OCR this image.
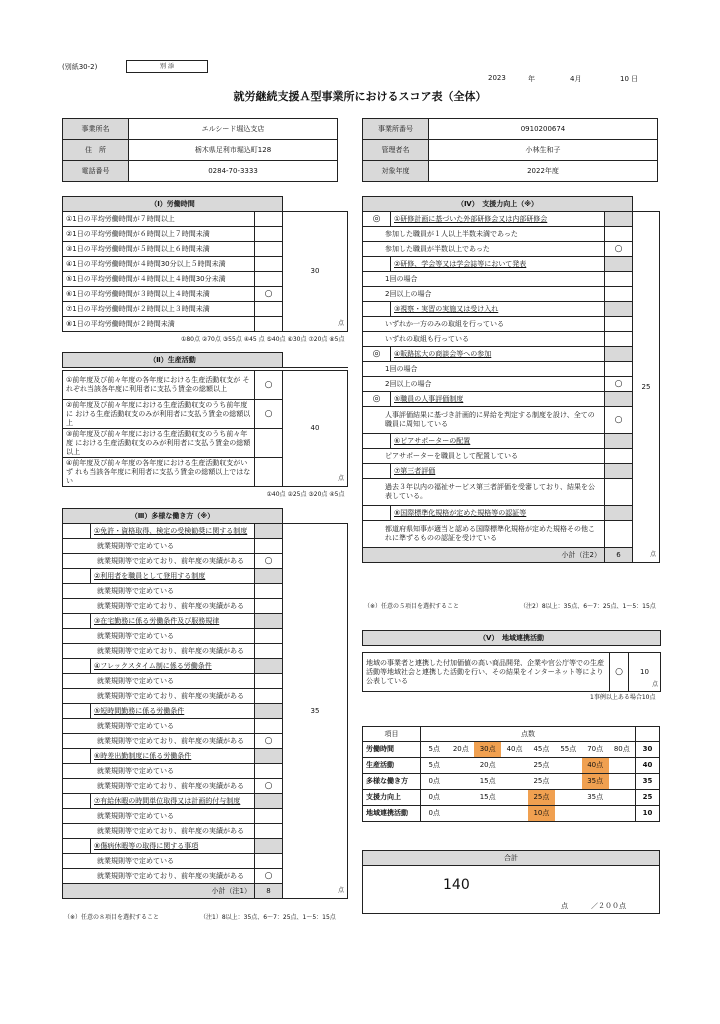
(別紙30-2)	別 添
2023	年	4月	10 日
就労継続支援Ａ型事業所におけるスコア表（全体）
事業所名	エルシード堀込支店
住　所	栃木県足利市堀込町128
電話番号	0284-70-3333
事業所番号	0910200674
管理者名	小林生和子
対象年度	2022年度
（Ⅰ）労働時間		
①1日の平均労働時間が７時間以上		30
点

②1日の平均労働時間が６時間以上７時間未満		
③1日の平均労働時間が５時間以上６時間未満		
④1日の平均労働時間が４時間30分以上５時間未満		
⑤1日の平均労働時間が４時間以上４時間30分未満		
⑥1日の平均労働時間が３時間以上４時間未満	○	
⑦1日の平均労働時間が２時間以上３時間未満		
⑧1日の平均労働時間が２時間未満		
①80点 ②70点 ③55点 ④45 点 ⑤40点 ⑥30点 ⑦20点 ⑧5点		
（Ⅱ）生産活動		

①前年度及び前々年度の各年度における生産活動収支が それぞれ当該各年度に利用者に支払う賃金の総額以上	○	40
点

②前年度及び前々年度における生産活動収支のうち前年度に おける生産活動収支のみが利用者に支払う賃金の総額以上	○	
③前年度及び前々年度における生産活動収支のうち前々年度 における生産活動収支のみが利用者に支払う賃金の総額以上		
④前年度及び前々年度の各年度における生産活動収支がいず れも当該各年度に利用者に支払う賃金の総額以上ではない		
①40点 ②25点 ③20点 ④5点		
（Ⅲ）多様な働き方（※）			
	①免許・資格取得、検定の受検勧奨に関する制度		35
点

就業規則等で定めている			
就業規則等で定めており、前年度の実績がある		○	
	②利用者を職員として登用する制度		
就業規則等で定めている			
就業規則等で定めており、前年度の実績がある			
	③在宅勤務に係る労働条件及び服務規律		
就業規則等で定めている			
就業規則等で定めており、前年度の実績がある			
	④フレックスタイム制に係る労働条件		
就業規則等で定めている			
就業規則等で定めており、前年度の実績がある			
	⑤短時間勤務に係る労働条件		
就業規則等で定めている			
就業規則等で定めており、前年度の実績がある		○	
	⑥時差出勤制度に係る労働条件		
就業規則等で定めている			
就業規則等で定めており、前年度の実績がある		○	
	⑦有給休暇の時間単位取得又は計画的付与制度		
就業規則等で定めている			
就業規則等で定めており、前年度の実績がある			
	⑧傷病休暇等の取得に関する事項		
就業規則等で定めている			
就業規則等で定めており、前年度の実績がある		○	
小計（注1）		8	
（※）任意の８項目を選択すること	（注1）8以上：35点、6～7：25点、1～5：15点
（Ⅳ）　支援力向上（※）			
◎	①研修計画に基づいた外部研修会又は内部研修会		25
点

参加した職員が１人以上半数未満であった			
参加した職員が半数以上であった		○	
	②研修、学会等又は学会誌等において発表		
1回の場合			
2回以上の場合			
	③視察・実習の実施又は受け入れ		
いずれか一方のみの取組を行っている			
いずれの取組も行っている			
◎	④販路拡大の商談会等への参加		
1回の場合			
2回以上の場合		○	
◎	⑤職員の人事評価制度		
人事評価結果に基づき計画的に昇給を判定する制度を設け、全ての職員に周知している		○	
	⑥ピアサポーターの配置		
ピアサポーターを職員として配置している			
	⑦第三者評価		
過去３年以内の福祉サービス第三者評価を受審しており、結果を公表している。			
	⑧国際標準化規格が定めた規格等の認証等		
都道府県知事が適当と認める国際標準化規格が定めた規格その他これに準ずるものの認証を受けている			
小計（注2）		6	
（※）任意の５項目を選択すること	（注2）8以上：35点、6～7：25点、1～5：15点
（Ⅴ）　地域連携活動

地域の事業者と連携した付加価値の高い商品開発、企業や官公庁等での生産活動等地域社会と連携した活動を行い、その結果をインターネット等により公表している	○
		10
点
1事例以上ある場合10点
項目	点数								
労働時間	5点	20点	30点	40点	45点	55点	70点	80点	30
生産活動	5点		20点		25点		40点		40
多様な働き方	0点		15点		25点		35点		35
支援力向上	0点		15点		25点		35点		25
地域連携活動	0点				10点				10
合計
140
点	／２００点
